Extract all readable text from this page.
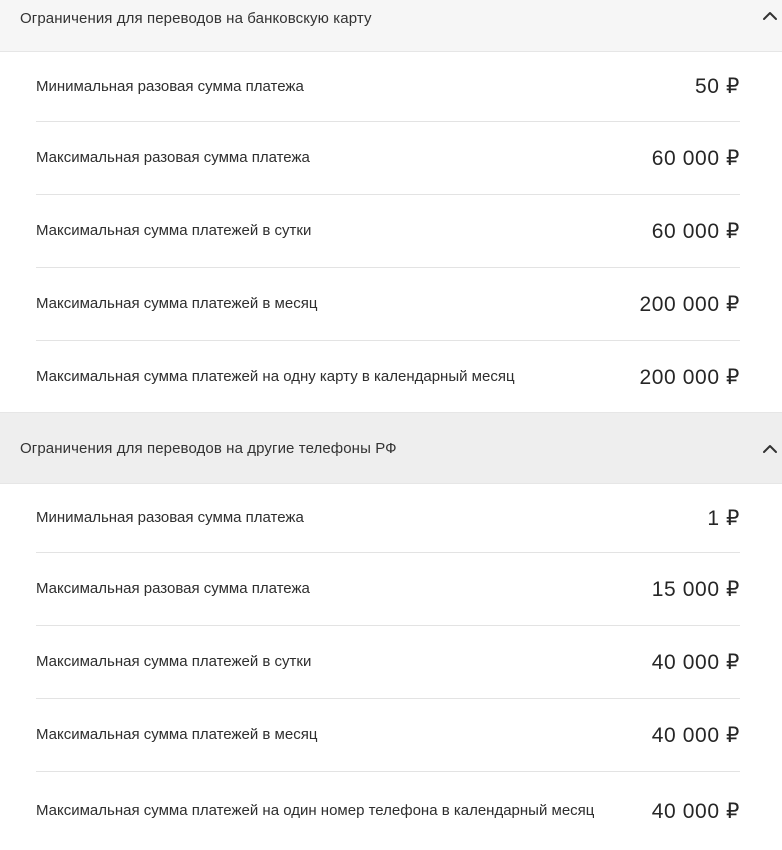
Ограничения для переводов на банковскую карту
Минимальная разовая сумма платежа	50 ₽
Максимальная разовая сумма платежа	60 000 ₽
Максимальная сумма платежей в сутки	60 000 ₽
Максимальная сумма платежей в месяц	200 000 ₽
Максимальная сумма платежей на одну карту в календарный месяц	200 000 ₽
Ограничения для переводов на другие телефоны РФ
Минимальная разовая сумма платежа	1 ₽
Максимальная разовая сумма платежа	15 000 ₽
Максимальная сумма платежей в сутки	40 000 ₽
Максимальная сумма платежей в месяц	40 000 ₽
Максимальная сумма платежей на один номер телефона в календарный месяц	40 000 ₽
